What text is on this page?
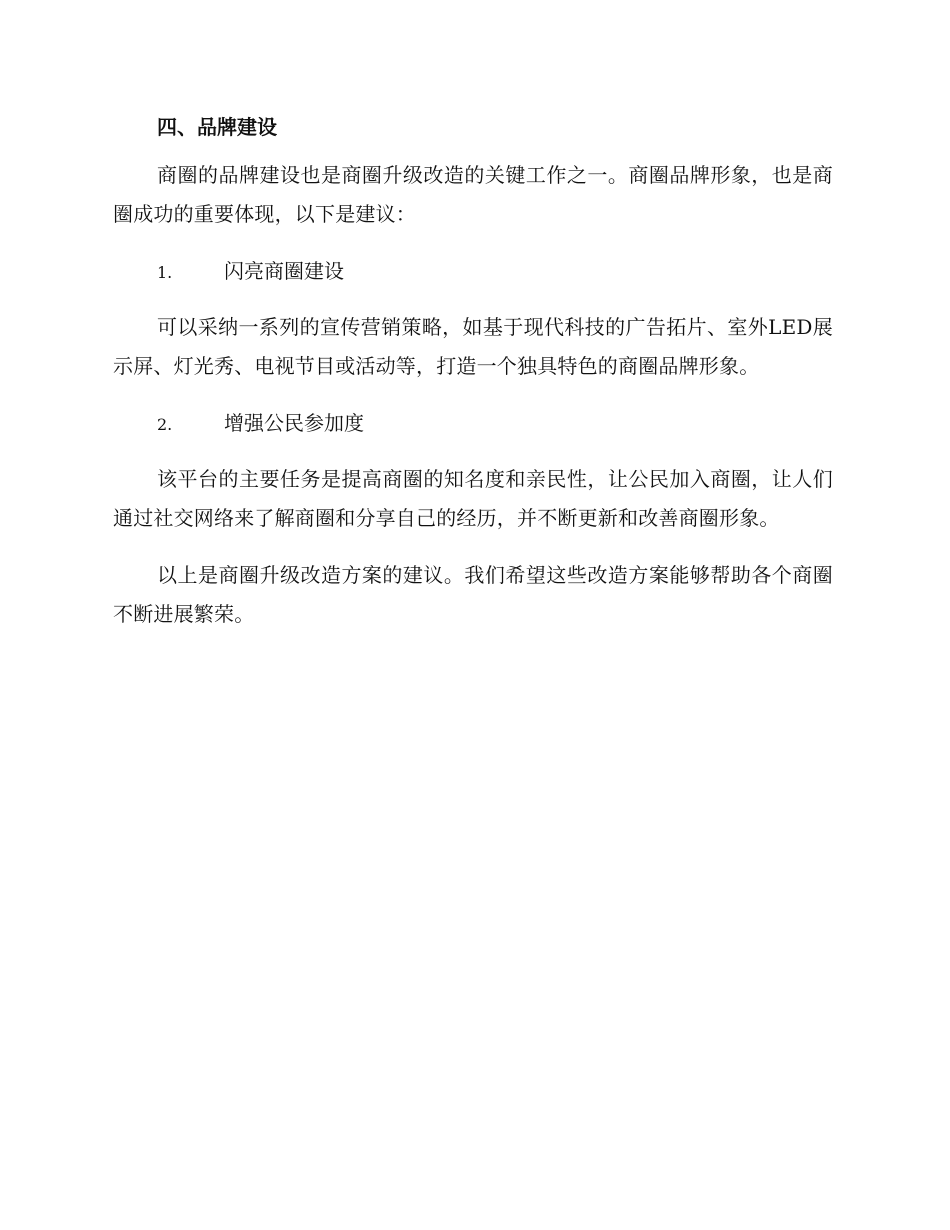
四、品牌建设

商圈的品牌建设也是商圈升级改造的关键工作之一。商圈品牌形象，也是商圈成功的重要体现，以下是建议：

1.	闪亮商圈建设

可以采纳一系列的宣传营销策略，如基于现代科技的广告拓片、室外LED展示屏、灯光秀、电视节目或活动等，打造一个独具特色的商圈品牌形象。

2.	增强公民参加度

该平台的主要任务是提高商圈的知名度和亲民性，让公民加入商圈，让人们通过社交网络来了解商圈和分享自己的经历，并不断更新和改善商圈形象。

以上是商圈升级改造方案的建议。我们希望这些改造方案能够帮助各个商圈不断进展繁荣。
